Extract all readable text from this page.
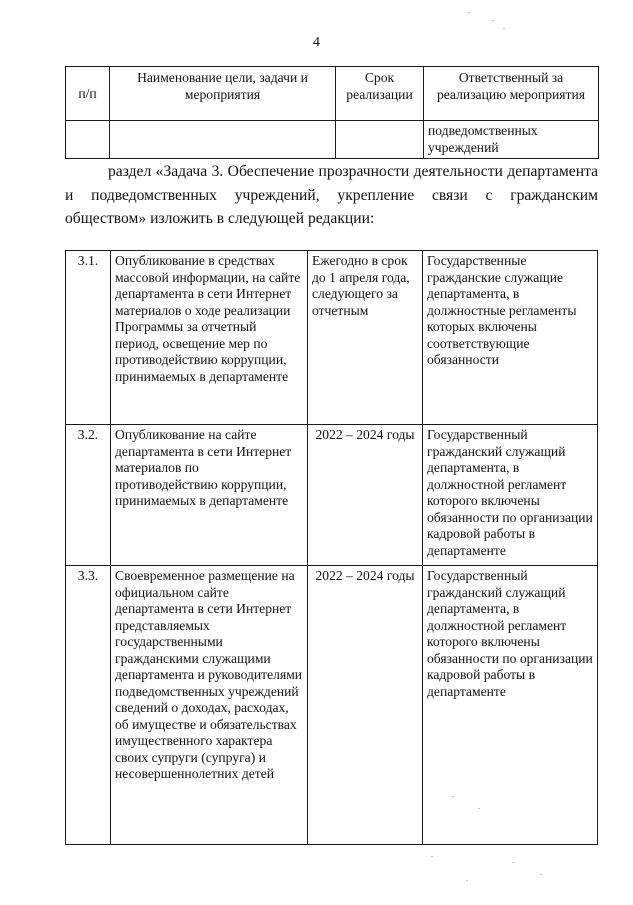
4
п/п	Наименование цели, задачи и мероприятия	Срок реализации	Ответственный за реализацию мероприятия
			подведомственных учреждений

раздел «Задача 3. Обеспечение прозрачности деятельности департамента и подведомственных учреждений, укрепление связи с гражданским обществом» изложить в следующей редакции:

3.1.	Опубликование в средствах массовой информации, на сайте департамента в сети Интернет материалов о ходе реализации Программы за отчетный период, освещение мер по противодействию коррупции, принимаемых в департаменте	Ежегодно в срок до 1 апреля года, следующего за отчетным	Государственные гражданские служащие департамента, в должностные регламенты которых включены соответствующие обязанности
3.2.	Опубликование на сайте департамента в сети Интернет материалов по противодействию коррупции, принимаемых в департаменте	2022 – 2024 годы	Государственный гражданский служащий департамента, в должностной регламент которого включены обязанности по организации кадровой работы в департаменте
3.3.	Своевременное размещение на официальном сайте департамента в сети Интернет представляемых государственными гражданскими служащими департамента и руководителями подведомственных учреждений сведений о доходах, расходах, об имуществе и обязательствах имущественного характера своих супруги (супруга) и несовершеннолетних детей	2022 – 2024 годы	Государственный гражданский служащий департамента, в должностной регламент которого включены обязанности по организации кадровой работы в департаменте
